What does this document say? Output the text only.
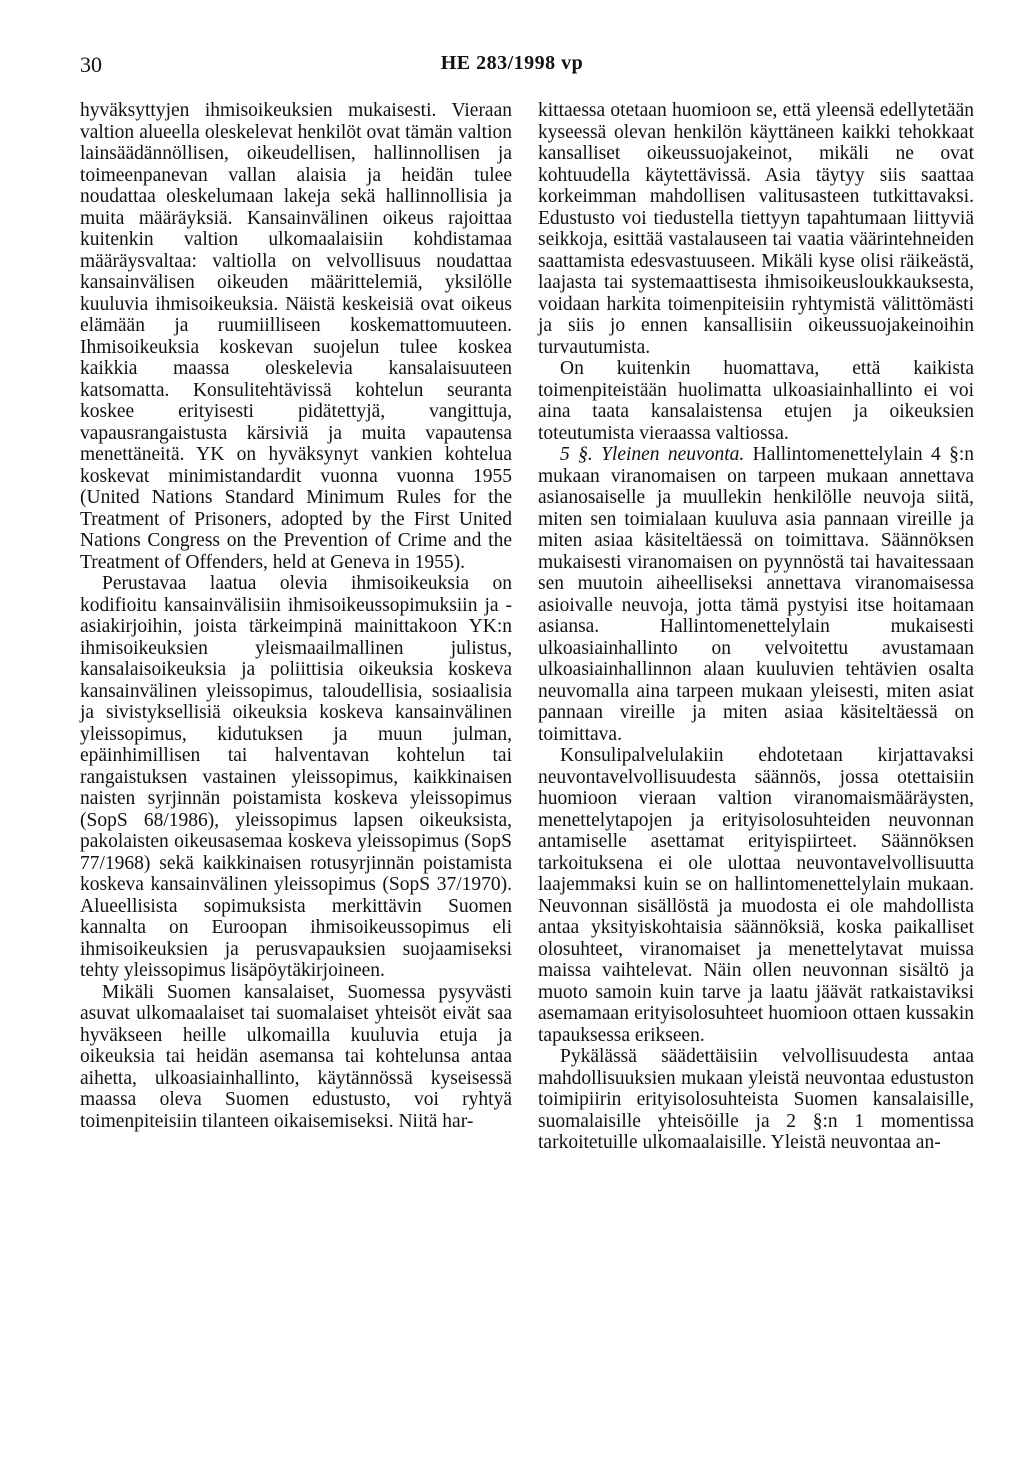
30	HE 283/1998 vp

hyväksyttyjen ihmisoikeuksien mukaisesti. Vieraan valtion alueella oleskelevat henkilöt ovat tämän valtion lainsäädännöllisen, oikeudellisen, hallinnollisen ja toimeenpanevan vallan alaisia ja heidän tulee noudattaa oleskelumaan lakeja sekä hallinnollisia ja muita määräyksiä. Kansainvälinen oikeus rajoittaa kuitenkin valtion ulkomaalaisiin kohdistamaa määräysvaltaa: valtiolla on velvollisuus noudattaa kansainvälisen oikeuden määrittelemiä, yksilölle kuuluvia ihmisoikeuksia. Näistä keskeisiä ovat oikeus elämään ja ruumiilliseen koskemattomuuteen. Ihmisoikeuksia koskevan suojelun tulee koskea kaikkia maassa oleskelevia kansalaisuuteen katsomatta. Konsulitehtävissä kohtelun seuranta koskee erityisesti pidätettyjä, vangittuja, vapausrangaistusta kärsiviä ja muita vapautensa menettäneitä. YK on hyväksynyt vankien kohtelua koskevat minimistandardit vuonna vuonna 1955 (United Nations Standard Minimum Rules for the Treatment of Prisoners, adopted by the First United Nations Congress on the Prevention of Crime and the Treatment of Offenders, held at Geneva in 1955).

Perustavaa laatua olevia ihmisoikeuksia on kodifioitu kansainvälisiin ihmisoikeussopimuksiin ja -asiakirjoihin, joista tärkeimpinä mainittakoon YK:n ihmisoikeuksien yleismaailmallinen julistus, kansalaisoikeuksia ja poliittisia oikeuksia koskeva kansainvälinen yleissopimus, taloudellisia, sosiaalisia ja sivistyksellisiä oikeuksia koskeva kansainvälinen yleissopimus, kidutuksen ja muun julman, epäinhimillisen tai halventavan kohtelun tai rangaistuksen vastainen yleissopimus, kaikkinaisen naisten syrjinnän poistamista koskeva yleissopimus (SopS 68/1986), yleissopimus lapsen oikeuksista, pakolaisten oikeusasemaa koskeva yleissopimus (SopS 77/1968) sekä kaikkinaisen rotusyrjinnän poistamista koskeva kansainvälinen yleissopimus (SopS 37/1970). Alueellisista sopimuksista merkittävin Suomen kannalta on Euroopan ihmisoikeussopimus eli ihmisoikeuksien ja perusvapauksien suojaamiseksi tehty yleissopimus lisäpöytäkirjoineen.

Mikäli Suomen kansalaiset, Suomessa pysyvästi asuvat ulkomaalaiset tai suomalaiset yhteisöt eivät saa hyväkseen heille ulkomailla kuuluvia etuja ja oikeuksia tai heidän asemansa tai kohtelunsa antaa aihetta, ulkoasiainhallinto, käytännössä kyseisessä maassa oleva Suomen edustusto, voi ryhtyä toimenpiteisiin tilanteen oikaisemiseksi. Niitä har-

kittaessa otetaan huomioon se, että yleensä edellytetään kyseessä olevan henkilön käyttäneen kaikki tehokkaat kansalliset oikeussuojakeinot, mikäli ne ovat kohtuudella käytettävissä. Asia täytyy siis saattaa korkeimman mahdollisen valitusasteen tutkittavaksi. Edustusto voi tiedustella tiettyyn tapahtumaan liittyviä seikkoja, esittää vastalauseen tai vaatia väärintehneiden saattamista edesvastuuseen. Mikäli kyse olisi räikeästä, laajasta tai systemaattisesta ihmisoikeusloukkauksesta, voidaan harkita toimenpiteisiin ryhtymistä välittömästi ja siis jo ennen kansallisiin oikeussuojakeinoihin turvautumista.

On kuitenkin huomattava, että kaikista toimenpiteistään huolimatta ulkoasiainhallinto ei voi aina taata kansalaistensa etujen ja oikeuksien toteutumista vieraassa valtiossa.

5 §. Yleinen neuvonta. Hallintomenettelylain 4 §:n mukaan viranomaisen on tarpeen mukaan annettava asianosaiselle ja muullekin henkilölle neuvoja siitä, miten sen toimialaan kuuluva asia pannaan vireille ja miten asiaa käsiteltäessä on toimittava. Säännöksen mukaisesti viranomaisen on pyynnöstä tai havaitessaan sen muutoin aiheelliseksi annettava viranomaisessa asioivalle neuvoja, jotta tämä pystyisi itse hoitamaan asiansa. Hallintomenettelylain mukaisesti ulkoasiainhallinto on velvoitettu avustamaan ulkoasiainhallinnon alaan kuuluvien tehtävien osalta neuvomalla aina tarpeen mukaan yleisesti, miten asiat pannaan vireille ja miten asiaa käsiteltäessä on toimittava.

Konsulipalvelulakiin ehdotetaan kirjattavaksi neuvontavelvollisuudesta säännös, jossa otettaisiin huomioon vieraan valtion viranomaismääräysten, menettelytapojen ja erityisolosuhteiden neuvonnan antamiselle asettamat erityispiirteet. Säännöksen tarkoituksena ei ole ulottaa neuvontavelvollisuutta laajemmaksi kuin se on hallintomenettelylain mukaan. Neuvonnan sisällöstä ja muodosta ei ole mahdollista antaa yksityiskohtaisia säännöksiä, koska paikalliset olosuhteet, viranomaiset ja menettelytavat muissa maissa vaihtelevat. Näin ollen neuvonnan sisältö ja muoto samoin kuin tarve ja laatu jäävät ratkaistaviksi asemamaan erityisolosuhteet huomioon ottaen kussakin tapauksessa erikseen.

Pykälässä säädettäisiin velvollisuudesta antaa mahdollisuuksien mukaan yleistä neuvontaa edustuston toimipiirin erityisolosuhteista Suomen kansalaisille, suomalaisille yhteisöille ja 2 §:n 1 momentissa tarkoitetuille ulkomaalaisille. Yleistä neuvontaa an-
